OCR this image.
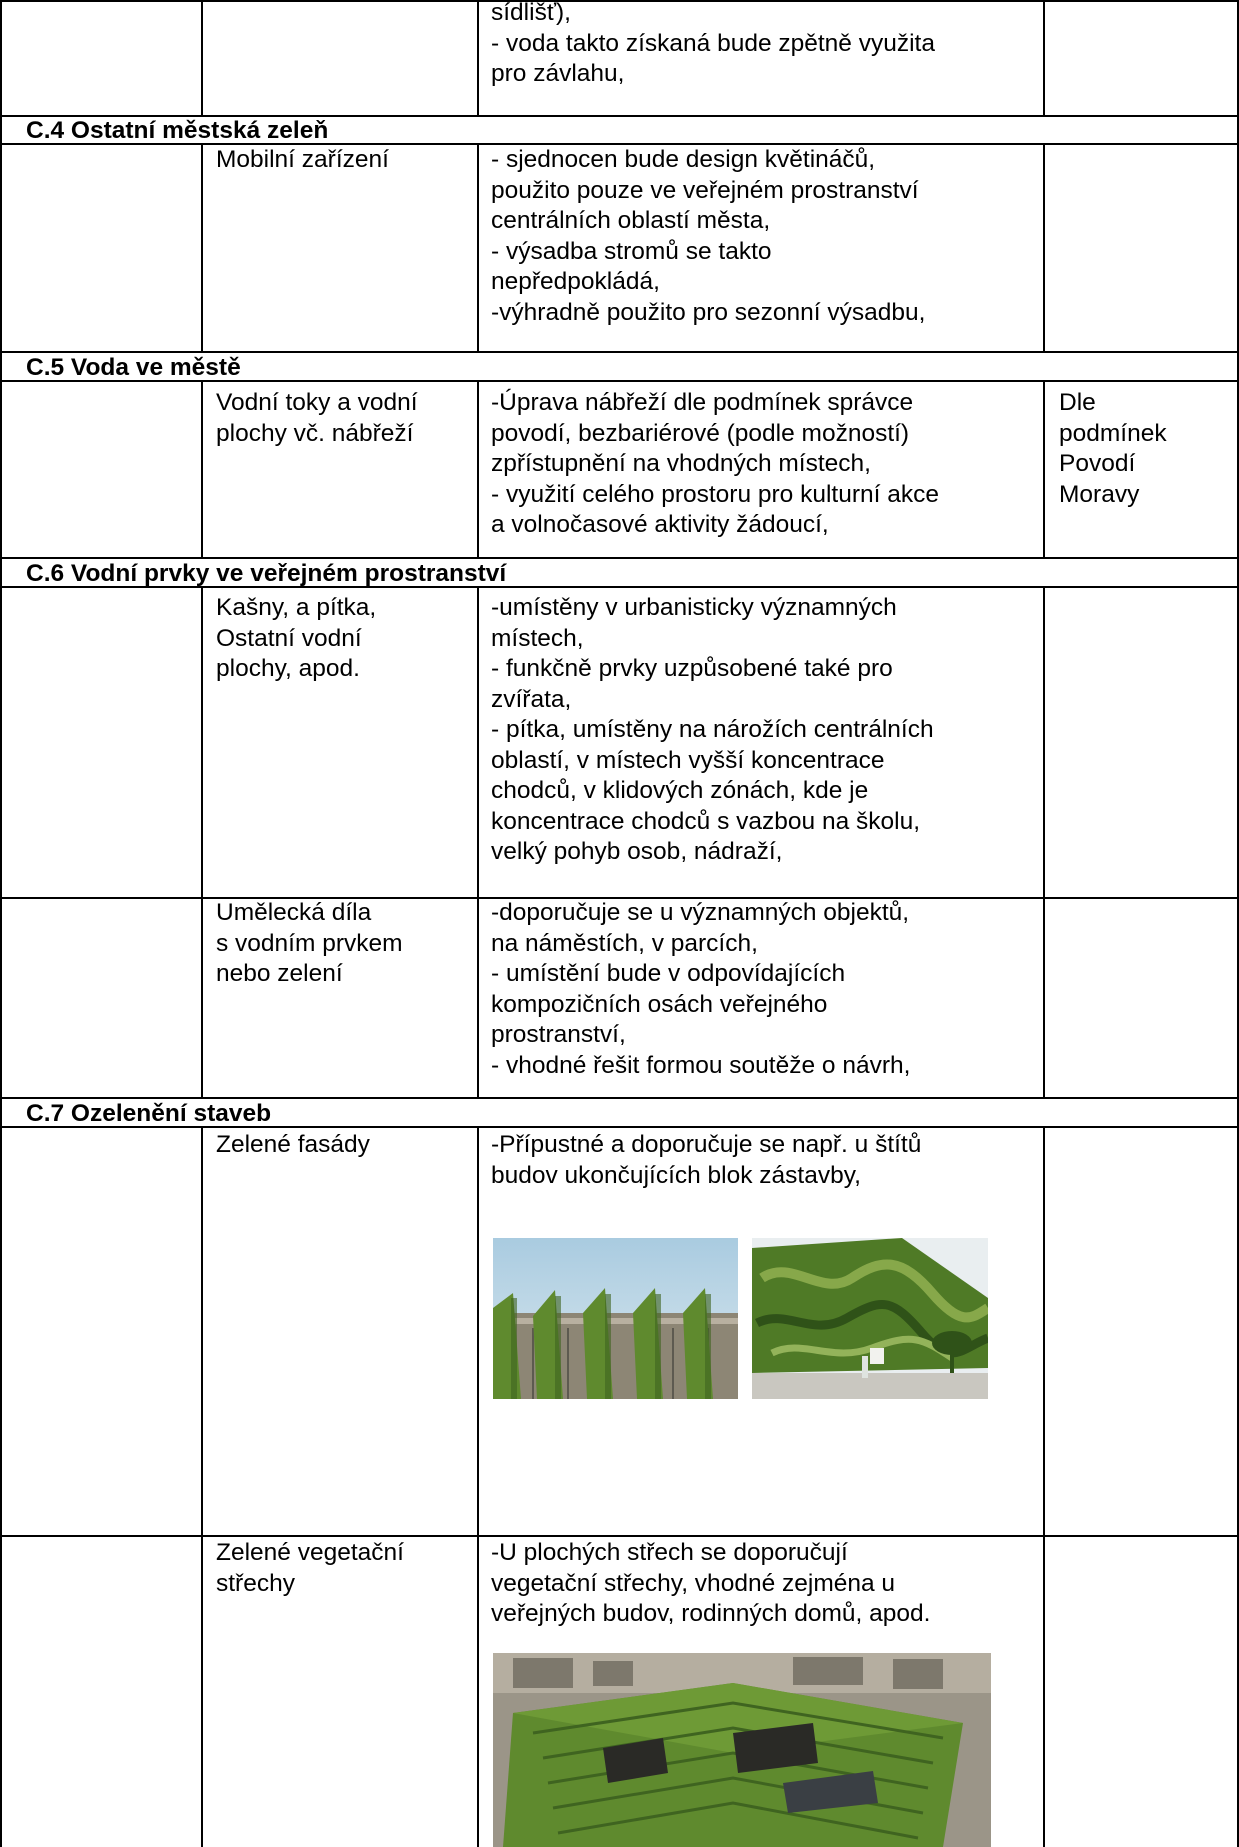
sídlišť),
- voda takto získaná bude zpětně využita
pro závlahu,
C.4 Ostatní městská zeleň
Mobilní zařízení	- sjednocen bude design květináčů,
použito pouze ve veřejném prostranství
centrálních oblastí města,
- výsadba stromů se takto
nepředpokládá,
-výhradně použito pro sezonní výsadbu,
C.5 Voda ve městě
Vodní toky a vodní
plochy vč. nábřeží
-Úprava nábřeží dle podmínek správce
povodí, bezbariérové (podle možností)
zpřístupnění na vhodných místech,
- využití celého prostoru pro kulturní akce
a volnočasové aktivity žádoucí,
Dle
podmínek
Povodí
Moravy
C.6 Vodní prvky ve veřejném prostranství
Kašny, a pítka,
Ostatní vodní
plochy, apod.
-umístěny v urbanisticky významných
místech,
- funkčně prvky uzpůsobené také pro
zvířata,
- pítka, umístěny na nárožích centrálních
oblastí, v místech vyšší koncentrace
chodců, v klidových zónách, kde je
koncentrace chodců s vazbou na školu,
velký pohyb osob, nádraží,
Umělecká díla
s vodním prvkem
nebo zelení
-doporučuje se u významných objektů,
na náměstích, v parcích,
- umístění bude v odpovídajících
kompozičních osách veřejného
prostranství,
- vhodné řešit formou soutěže o návrh,
C.7 Ozelenění staveb
Zelené fasády	-Přípustné a doporučuje se např. u štítů
budov ukončujících blok zástavby,
Zelené vegetační
střechy
-U plochých střech se doporučují
vegetační střechy, vhodné zejména u
veřejných budov, rodinných domů, apod.
